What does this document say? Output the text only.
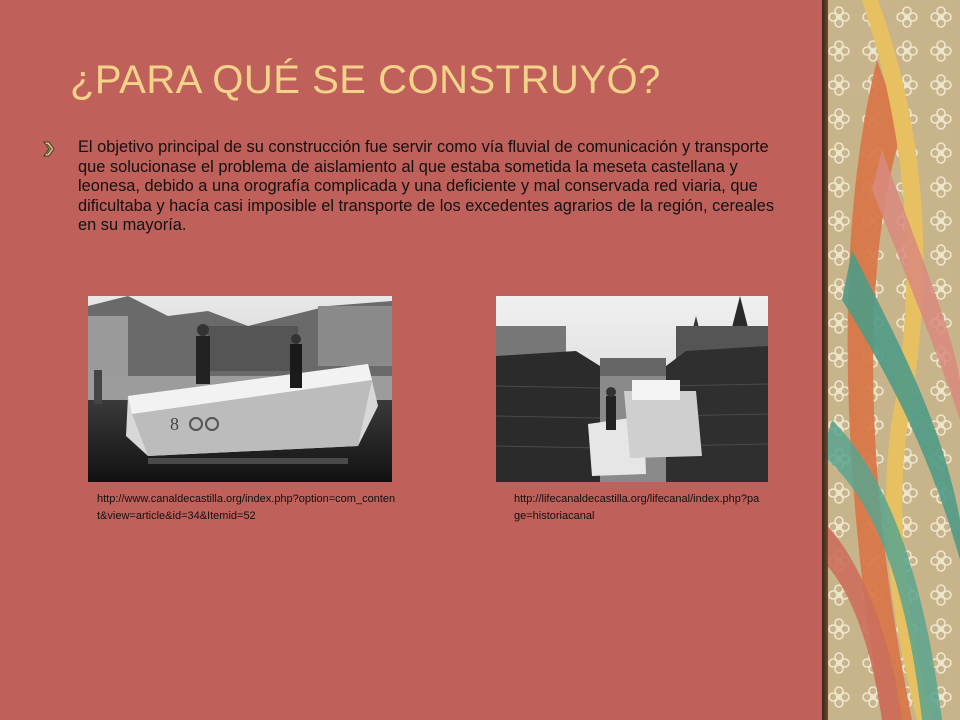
¿PARA QUÉ SE CONSTRUYÓ?

El objetivo principal de su construcción fue servir como vía fluvial de comunicación y transporte que solucionase el problema de aislamiento al que estaba sometida la meseta castellana y leonesa, debido a una orografía complicada y una deficiente y mal conservada red viaria, que dificultaba y hacía casi imposible el transporte de los excedentes agrarios de la región, cereales en su mayoría.

8

http://www.canaldecastilla.org/index.php?option=com_content&view=article&id=34&Itemid=52

http://lifecanaldecastilla.org/lifecanal/index.php?page=historiacanal
